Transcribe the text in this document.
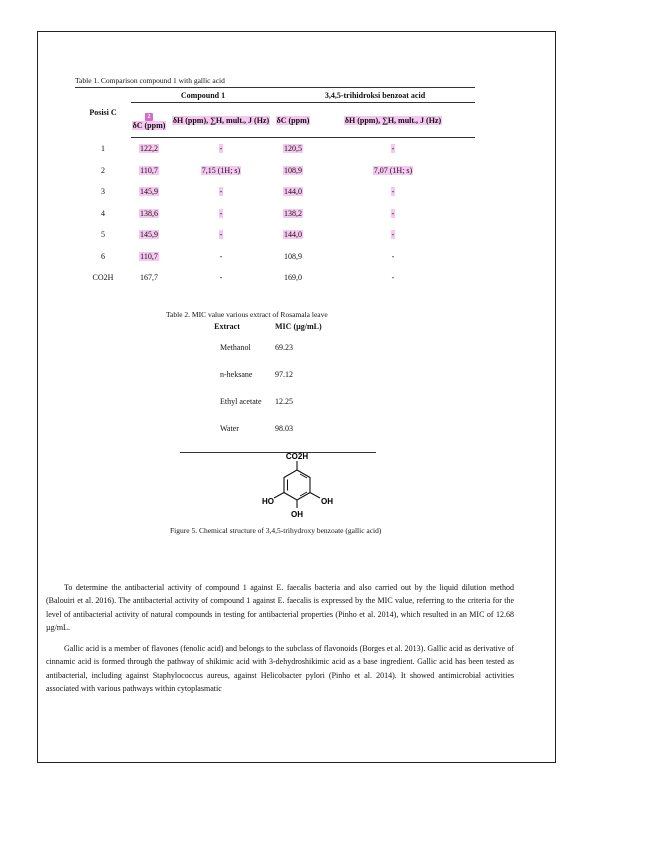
Table 1. Comparison compound 1 with gallic acid
Posisi C	Compound 1		3,4,5-trihidroksi benzoat acid	
	2
δC (ppm)	δH (ppm), ∑H, mult., J (Hz)	δC (ppm)	δH (ppm), ∑H, mult., J (Hz)
1	122,2	-	120,5	-
2	110,7	7,15 (1H; s)	108,9	7,07 (1H; s)
3	145,9	-	144,0	-
4	138,6	-	138,2	-
5	145,9	-	144,0	-
6	110,7	-	108,9	-
CO2H	167,7	-	169,0	-
Table 2. MIC value various extract of Rosamala leave
Extract	MIC (µg/mL)
Methanol	69.23
n-heksane	97.12
Ethyl acetate	12.25
Water	98.03

CO2H
HO	OH
OH
Figure 5. Chemical structure of 3,4,5-trihydroxy benzoate (gallic acid)

To determine the antibacterial activity of compound 1 against E. faecalis bacteria and also carried out by the liquid dilution method (Balouiri et al. 2016). The antibacterial activity of compound 1 against E. faecalis is expressed by the MIC value, referring to the criteria for the level of antibacterial activity of natural compounds in testing for antibacterial properties (Pinho et al. 2014), which resulted in an MIC of 12.68 µg/mL.

Gallic acid is a member of flavones (fenolic acid) and belongs to the subclass of flavonoids (Borges et al. 2013). Gallic acid as derivative of cinnamic acid is formed through the pathway of shikimic acid with 3-dehydroshikimic acid as a base ingredient. Gallic acid has been tested as antibacterial, including against Staphylococcus aureus, against Helicobacter pylori (Pinho et al. 2014). It showed antimicrobial activities associated with various pathways within cytoplasmatic
